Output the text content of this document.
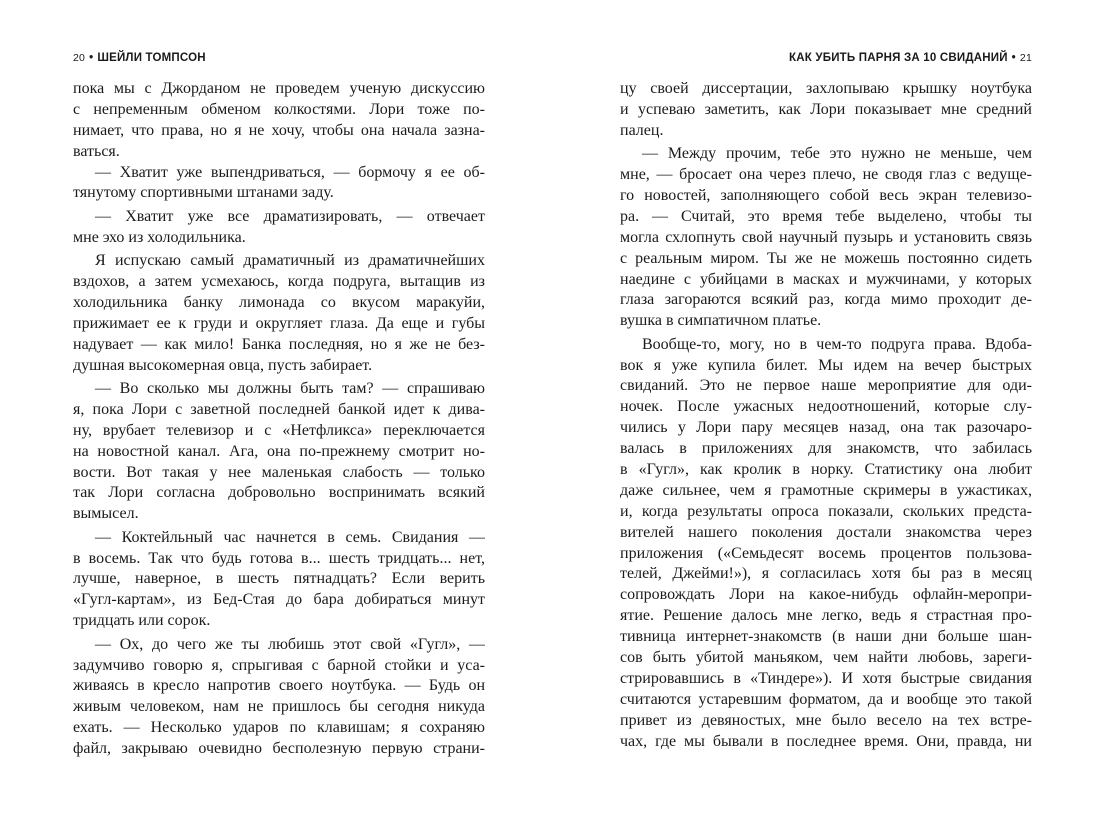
20 • ШЕЙЛИ ТОМПСОН
пока мы с Джорданом не проведем ученую дискуссию
с непременным обменом колкостями. Лори тоже по-
нимает, что права, но я не хочу, чтобы она начала зазна-
ваться.
— Хватит уже выпендриваться, — бормочу я ее об-
тянутому спортивными штанами заду.
— Хватит уже все драматизировать, — отвечает
мне эхо из холодильника.
Я испускаю самый драматичный из драматичнейших
вздохов, а затем усмехаюсь, когда подруга, вытащив из
холодильника банку лимонада со вкусом маракуйи,
прижимает ее к груди и округляет глаза. Да еще и губы
надувает — как мило! Банка последняя, но я же не без-
душная высокомерная овца, пусть забирает.
— Во сколько мы должны быть там? — спрашиваю
я, пока Лори с заветной последней банкой идет к дива-
ну, врубает телевизор и с «Нетфликса» переключается
на новостной канал. Ага, она по-прежнему смотрит но-
вости. Вот такая у нее маленькая слабость — только
так Лори согласна добровольно воспринимать всякий
вымысел.
— Коктейльный час начнется в семь. Свидания —
в восемь. Так что будь готова в... шесть тридцать... нет,
лучше, наверное, в шесть пятнадцать? Если верить
«Гугл-картам», из Бед-Стая до бара добираться минут
тридцать или сорок.
— Ох, до чего же ты любишь этот свой «Гугл», —
задумчиво говорю я, спрыгивая с барной стойки и уса-
живаясь в кресло напротив своего ноутбука. — Будь он
живым человеком, нам не пришлось бы сегодня никуда
ехать. — Несколько ударов по клавишам; я сохраняю
файл, закрываю очевидно бесполезную первую страни-
КАК УБИТЬ ПАРНЯ ЗА 10 СВИДАНИЙ • 21
цу своей диссертации, захлопываю крышку ноутбука
и успеваю заметить, как Лори показывает мне средний
палец.
— Между прочим, тебе это нужно не меньше, чем
мне, — бросает она через плечо, не сводя глаз с ведуще-
го новостей, заполняющего собой весь экран телевизо-
ра. — Считай, это время тебе выделено, чтобы ты
могла схлопнуть свой научный пузырь и установить связь
с реальным миром. Ты же не можешь постоянно сидеть
наедине с убийцами в масках и мужчинами, у которых
глаза загораются всякий раз, когда мимо проходит де-
вушка в симпатичном платье.
Вообще-то, могу, но в чем-то подруга права. Вдоба-
вок я уже купила билет. Мы идем на вечер быстрых
свиданий. Это не первое наше мероприятие для оди-
ночек. После ужасных недоотношений, которые слу-
чились у Лори пару месяцев назад, она так разочаро-
валась в приложениях для знакомств, что забилась
в «Гугл», как кролик в норку. Статистику она любит
даже сильнее, чем я грамотные скримеры в ужастиках,
и, когда результаты опроса показали, скольких предста-
вителей нашего поколения достали знакомства через
приложения («Семьдесят восемь процентов пользова-
телей, Джейми!»), я согласилась хотя бы раз в месяц
сопровождать Лори на какое-нибудь офлайн-меропри-
ятие. Решение далось мне легко, ведь я страстная про-
тивница интернет-знакомств (в наши дни больше шан-
сов быть убитой маньяком, чем найти любовь, зареги-
стрировавшись в «Тиндере»). И хотя быстрые свидания
считаются устаревшим форматом, да и вообще это такой
привет из девяностых, мне было весело на тех встре-
чах, где мы бывали в последнее время. Они, правда, ни
